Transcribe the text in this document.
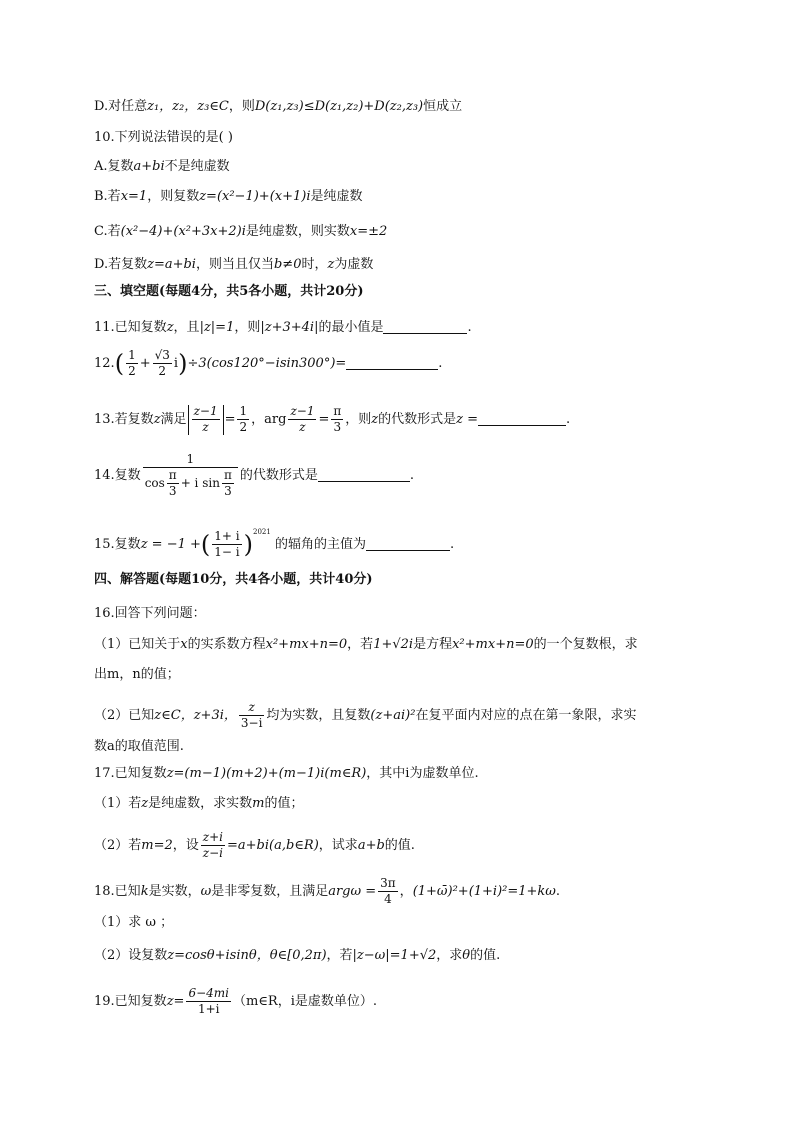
D.对任意z₁，z₂，z₃∈C，则D(z₁,z₃)≤D(z₁,z₂)+D(z₂,z₃)恒成立
10.下列说法错误的是( )
A.复数a+bi不是纯虚数
B.若x=1，则复数z=(x²−1)+(x+1)i是纯虚数
C.若(x²−4)+(x²+3x+2)i是纯虚数，则实数x=±2
D.若复数z=a+bi，则当且仅当b≠0时，z为虚数
三、填空题(每题4分，共5各小题，共计20分)
11.已知复数z，且|z|=1，则|z+3+4i|的最小值是	.
$12.( \frac{1}{2} + \frac{√3}{2} i)\div 3(\cos 120^\circ-isin300^\circ)=$	.
13.若复数z满足 $\frac{z-1}{z} = \frac{1}{2}$ ，arg $\frac{z-1}{z} = \frac{\pi}{3}$ ，则z的代数形式是z =	.
14.复数 $\frac{1}{\cos \frac{\pi}{3} + i \sin \frac{\pi}{3}}$ 的代数形式是	.
15.复数z = −1 +( $\frac{1+ i}{1- i} )^{2021}$ 的辐角的主值为	.
四、解答题(每题10分，共4各小题，共计40分)
16.回答下列问题：
（1）已知关于x的实系数方程x²+mx+n=0，若1+√2i是方程x²+mx+n=0的一个复数根，求
出m，n的值；
（2）已知z∈C，z+3i， $\frac{z}{3-i}$ 均为实数，且复数(z+ai)²在复平面内对应的点在第一象限，求实
数a的取值范围.
17.已知复数z=(m−1)(m+2)+(m−1)i(m∈R)，其中i为虚数单位.
（1）若z是纯虚数，求实数m的值；
（2）若m=2，设 $\frac{z+i}{z-i}$ =a+bi(a,b∈R)，试求a+b的值.
18.已知k是实数，ω是非零复数，且满足$arg\omega = \frac{3\pi}{4}$ ，(1+ω̄)²+(1+i)²=1+kω.
（1）求 ω ；
（2）设复数z=cosθ+isinθ，θ∈[0,2π)，若|z−ω|=1+√2，求θ的值.
19.已知复数$z= \frac{6-4mi}{1+i}$ （m∈R，i是虚数单位）.
